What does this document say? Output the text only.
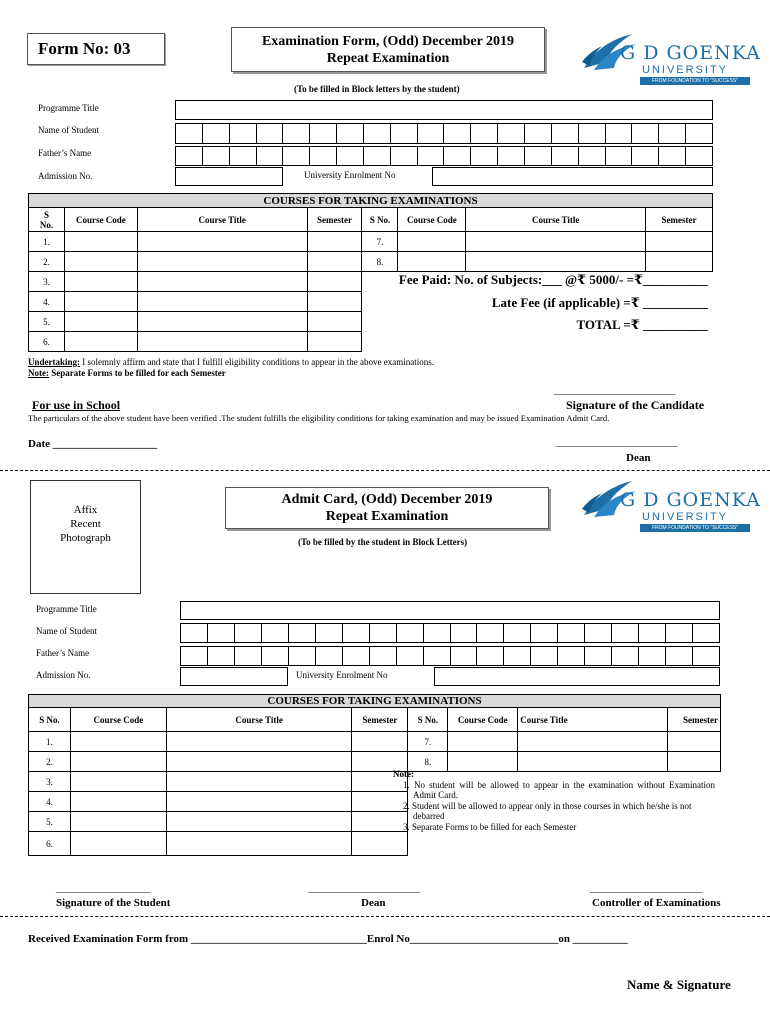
Form No: 03	Examination Form, (Odd) December 2019
Repeat Examination	G D GOENKA
UNIVERSITY
FROM FOUNDATION TO "SUCCESS"
(To be filled in Block letters by the student)
Programme Title
Name of Student
Father’s Name
Admission No.	University Enrolment No
COURSES FOR TAKING EXAMINATIONS							

S
No.	Course Code	Course Title	Semester	S No.	Course Code	Course Title	Semester
1.				7.			
2.				8.			
3.							
4.							
5.							
6.							
Fee Paid: No. of Subjects:___ @₹ 5000/- =₹__________
Late Fee (if applicable) =₹ __________
TOTAL =₹ __________
Undertaking: I solemnly affirm and state that I fulfill eligibility conditions to appear in the above examinations.
Note: Separate Forms to be filled for each Semester
___________________________
Signature of the Candidate
For use in School
The particulars of the above student have been verified .The student fulfills the eligibility conditions for taking examination and may be issued Examination Admit Card.
Date ___________________	___________________________
Dean
Affix
Recent
Photograph
Admit Card, (Odd) December 2019
Repeat Examination
G D GOENKA
UNIVERSITY
FROM FOUNDATION TO "SUCCESS"
(To be filled by the student in Block Letters)
Programme Title
Name of Student
Father’s Name
Admission No.	University Enrolment No
COURSES FOR TAKING EXAMINATIONS							
S No.	Course Code	Course Title	Semester	S No.	Course Code	Course Title	Semester
1.				7.			
2.				8.			
3.							
4.							
5.							
6.							
Note:
1. No student will be allowed to appear in the examination without Examination Admit Card.
2. Student will be allowed to appear only in those courses in which he/she is not debarred
3. Separate Forms to be filled for each Semester
_____________________	_________________________	_________________________
Signature of the Student	Dean	Controller of Examinations
Received Examination Form from ________________________________Enrol No___________________________on __________
Name & Signature
